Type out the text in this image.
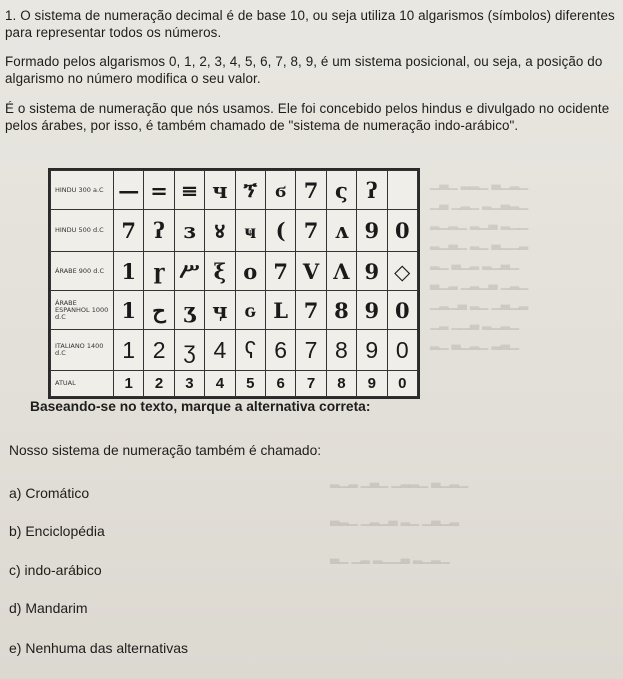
1. O sistema de numeração decimal é de base 10, ou seja utiliza 10 algarismos (símbolos) diferentes para representar todos os números.

Formado pelos algarismos 0, 1, 2, 3, 4, 5, 6, 7, 8, 9, é um sistema posicional, ou seja, a posição do algarismo no número modifica o seu valor.

É o sistema de numeração que nós usamos. Ele foi concebido pelos hindus e divulgado no ocidente pelos árabes, por isso, é também chamado de "sistema de numeração indo-arábico".

HINDU 300 a.C	—	=	≡	ч	ኘ	ϭ	7	ς	ʔ	
HINDU 500 d.C	7	ʔ	ɜ	४	ҹ	(	7	ʌ	9	0
ÁRABE 900 d.C	1	ɼ	ሥ	ξ	o	7	V	Λ	9	◇
ÁRABE ESPANHOL 1000 d.C	1	ح	ʒ	ӌ	ԍ	L	7	8	9	0
ITALIANO 1400 d.C	1	2	ʒ	4	ʕ	6	7	8	9	0
ATUAL	1	2	3	4	5	6	7	8	9	0
Baseando-se no texto, marque a alternativa correta:
Nosso sistema de numeração também é chamado:
a) Cromático
b) Enciclopédia
c) indo-arábico
d) Mandarim
e) Nenhuma das alternativas
▁▂▁▃ ▁▂▂ ▁▃▁
▁▂▃▁▂ ▁▂▁ ▃▁
▁▁▂ ▃▁▂ ▁▂▁▂
▂▁▁▃ ▁▂ ▁▃▁▂
▁▃▁▂ ▂▁▃ ▁▂
▁▂▁ ▃▁▂▁ ▂▁▃
▂▁▃▁ ▁▂ ▃▁▂▁
▁▂▁▂ ▃▁▁ ▂▁
▁▃▂ ▁▂▁▃ ▁▂
▁▂▁▃ ▁▂▂▁ ▁▃▁ ▂▁▂
▂▁▃▁ ▁▂ ▃▁▂▁ ▁▂▃
▁▂▁▂ ▃▁▁▂ ▂▁ ▁▃
